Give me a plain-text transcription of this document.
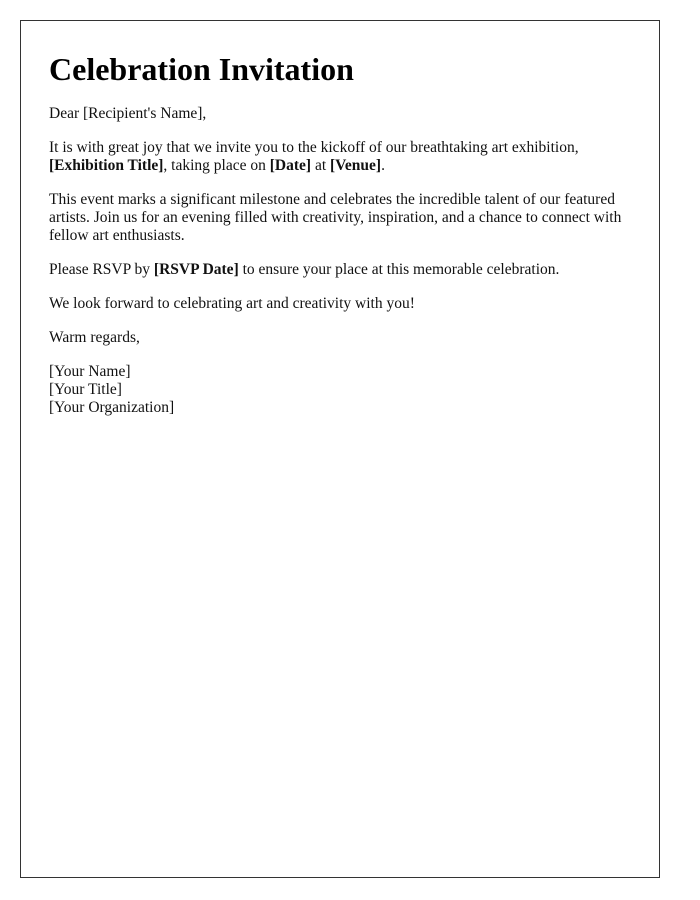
Celebration Invitation

Dear [Recipient's Name],

It is with great joy that we invite you to the kickoff of our breathtaking art exhibition, [Exhibition Title], taking place on [Date] at [Venue].

This event marks a significant milestone and celebrates the incredible talent of our featured artists. Join us for an evening filled with creativity, inspiration, and a chance to connect with fellow art enthusiasts.

Please RSVP by [RSVP Date] to ensure your place at this memorable celebration.

We look forward to celebrating art and creativity with you!

Warm regards,

[Your Name]
[Your Title]
[Your Organization]
